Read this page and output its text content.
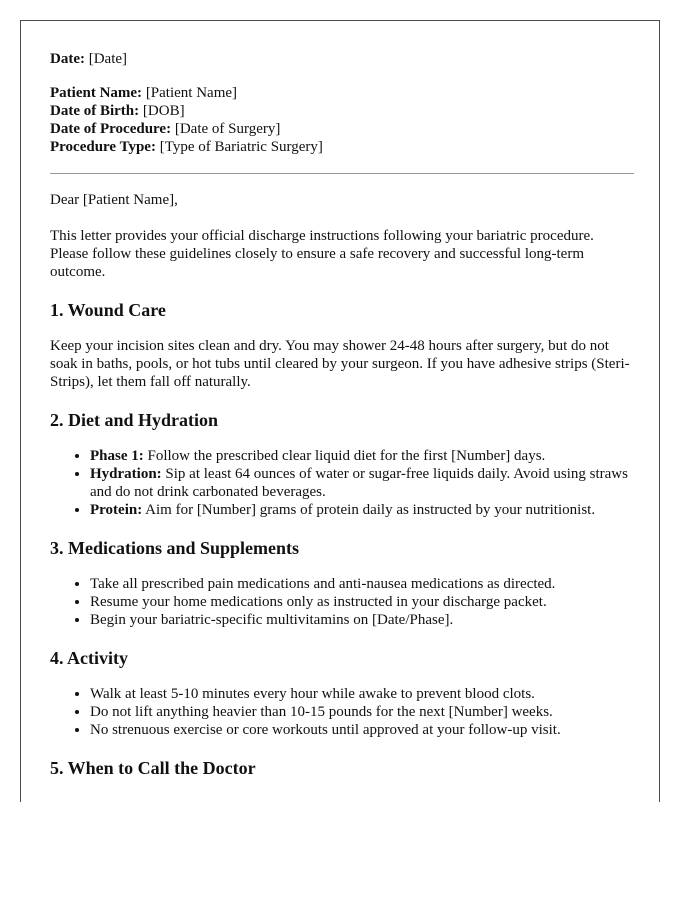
Date: [Date]

Patient Name: [Patient Name]

Date of Birth: [DOB]

Date of Procedure: [Date of Surgery]

Procedure Type: [Type of Bariatric Surgery]

Dear [Patient Name],

This letter provides your official discharge instructions following your bariatric procedure. Please follow these guidelines closely to ensure a safe recovery and successful long-term outcome.

1. Wound Care

Keep your incision sites clean and dry. You may shower 24-48 hours after surgery, but do not soak in baths, pools, or hot tubs until cleared by your surgeon. If you have adhesive strips (Steri-Strips), let them fall off naturally.

2. Diet and Hydration
• Phase 1: Follow the prescribed clear liquid diet for the first [Number] days.
• Hydration: Sip at least 64 ounces of water or sugar-free liquids daily. Avoid using straws and do not drink carbonated beverages.
• Protein: Aim for [Number] grams of protein daily as instructed by your nutritionist.
3. Medications and Supplements
• Take all prescribed pain medications and anti-nausea medications as directed.
• Resume your home medications only as instructed in your discharge packet.
• Begin your bariatric-specific multivitamins on [Date/Phase].
4. Activity
• Walk at least 5-10 minutes every hour while awake to prevent blood clots.
• Do not lift anything heavier than 10-15 pounds for the next [Number] weeks.
• No strenuous exercise or core workouts until approved at your follow-up visit.
5. When to Call the Doctor
